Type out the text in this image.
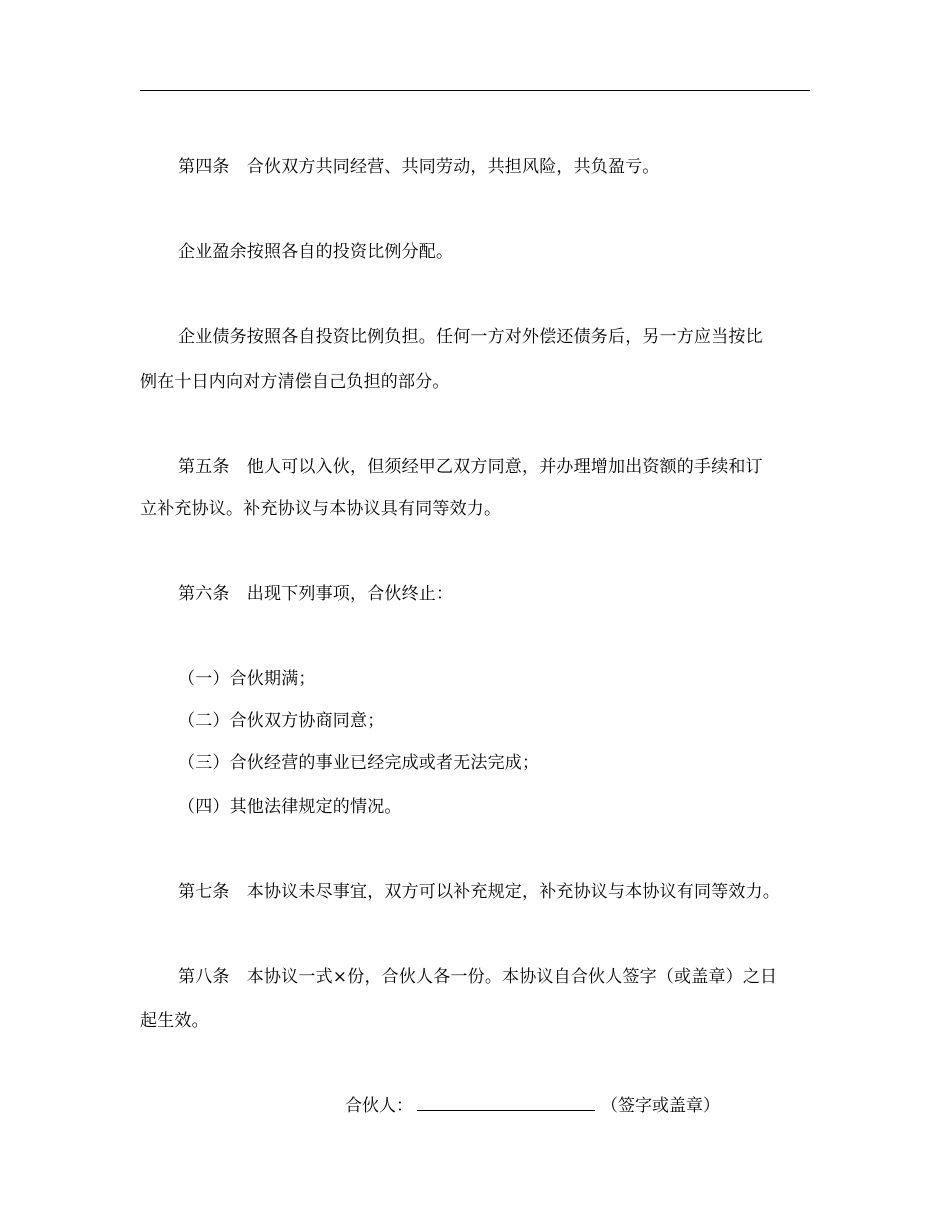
第四条　合伙双方共同经营、共同劳动，共担风险，共负盈亏。
企业盈余按照各自的投资比例分配。
企业债务按照各自投资比例负担。任何一方对外偿还债务后，另一方应当按比
例在十日内向对方清偿自己负担的部分。
第五条　他人可以入伙，但须经甲乙双方同意，并办理增加出资额的手续和订
立补充协议。补充协议与本协议具有同等效力。
第六条　出现下列事项，合伙终止：
（一）合伙期满；
（二）合伙双方协商同意；
（三）合伙经营的事业已经完成或者无法完成；
（四）其他法律规定的情况。
第七条　本协议未尽事宜，双方可以补充规定，补充协议与本协议有同等效力。
第八条　本协议一式×份，合伙人各一份。本协议自合伙人签字（或盖章）之日
起生效。
合伙人：	（签字或盖章）
